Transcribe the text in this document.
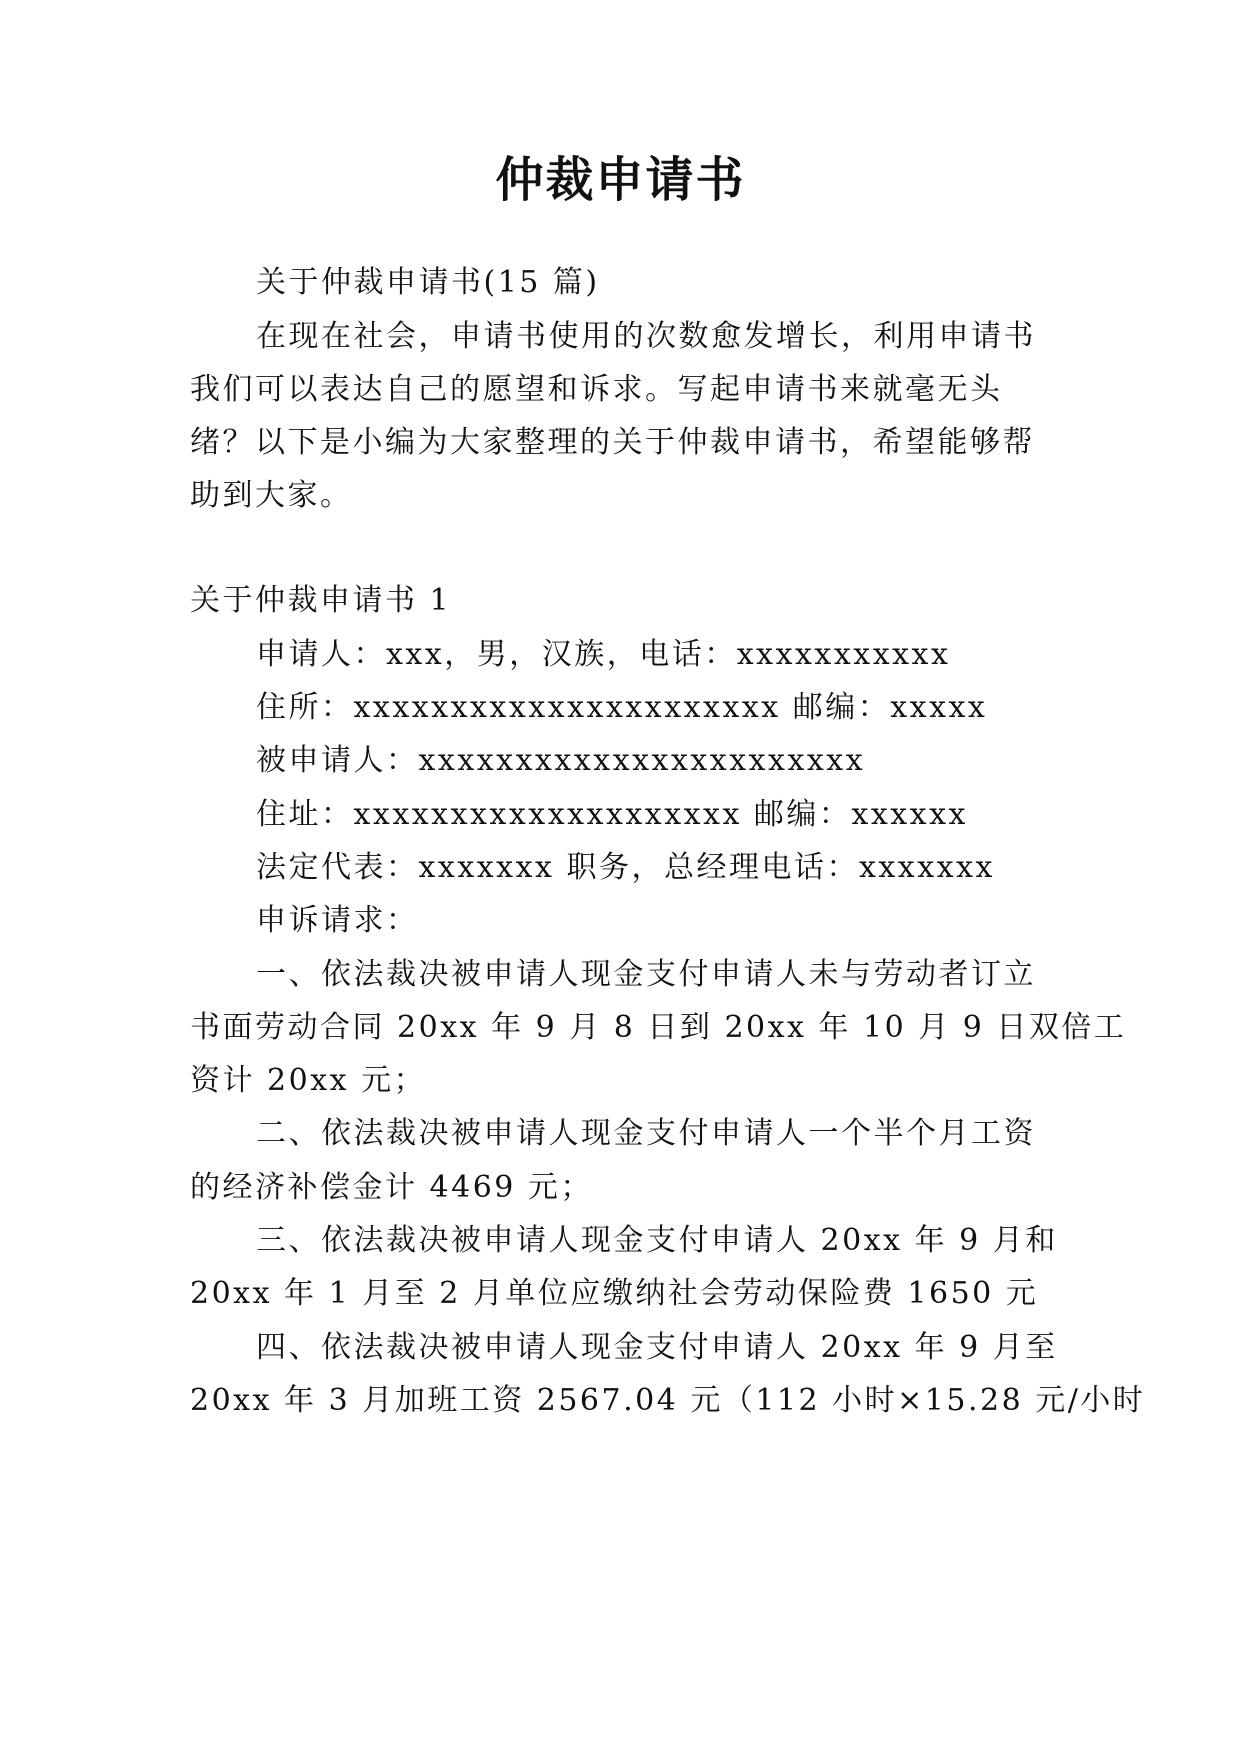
仲裁申请书
关于仲裁申请书(15 篇)
在现在社会，申请书使用的次数愈发增长，利用申请书
我们可以表达自己的愿望和诉求。写起申请书来就毫无头
绪？以下是小编为大家整理的关于仲裁申请书，希望能够帮
助到大家。
关于仲裁申请书 1
申请人：xxx，男，汉族，电话：xxxxxxxxxxx
住所：xxxxxxxxxxxxxxxxxxxxxx 邮编：xxxxx
被申请人：xxxxxxxxxxxxxxxxxxxxxxx
住址：xxxxxxxxxxxxxxxxxxxx 邮编：xxxxxx
法定代表：xxxxxxx 职务，总经理电话：xxxxxxx
申诉请求：
一、依法裁决被申请人现金支付申请人未与劳动者订立
书面劳动合同 20xx 年 9 月 8 日到 20xx 年 10 月 9 日双倍工
资计 20xx 元；
二、依法裁决被申请人现金支付申请人一个半个月工资
的经济补偿金计 4469 元；
三、依法裁决被申请人现金支付申请人 20xx 年 9 月和
20xx 年 1 月至 2 月单位应缴纳社会劳动保险费 1650 元
四、依法裁决被申请人现金支付申请人 20xx 年 9 月至
20xx 年 3 月加班工资 2567.04 元（112 小时×15.28 元/小时
